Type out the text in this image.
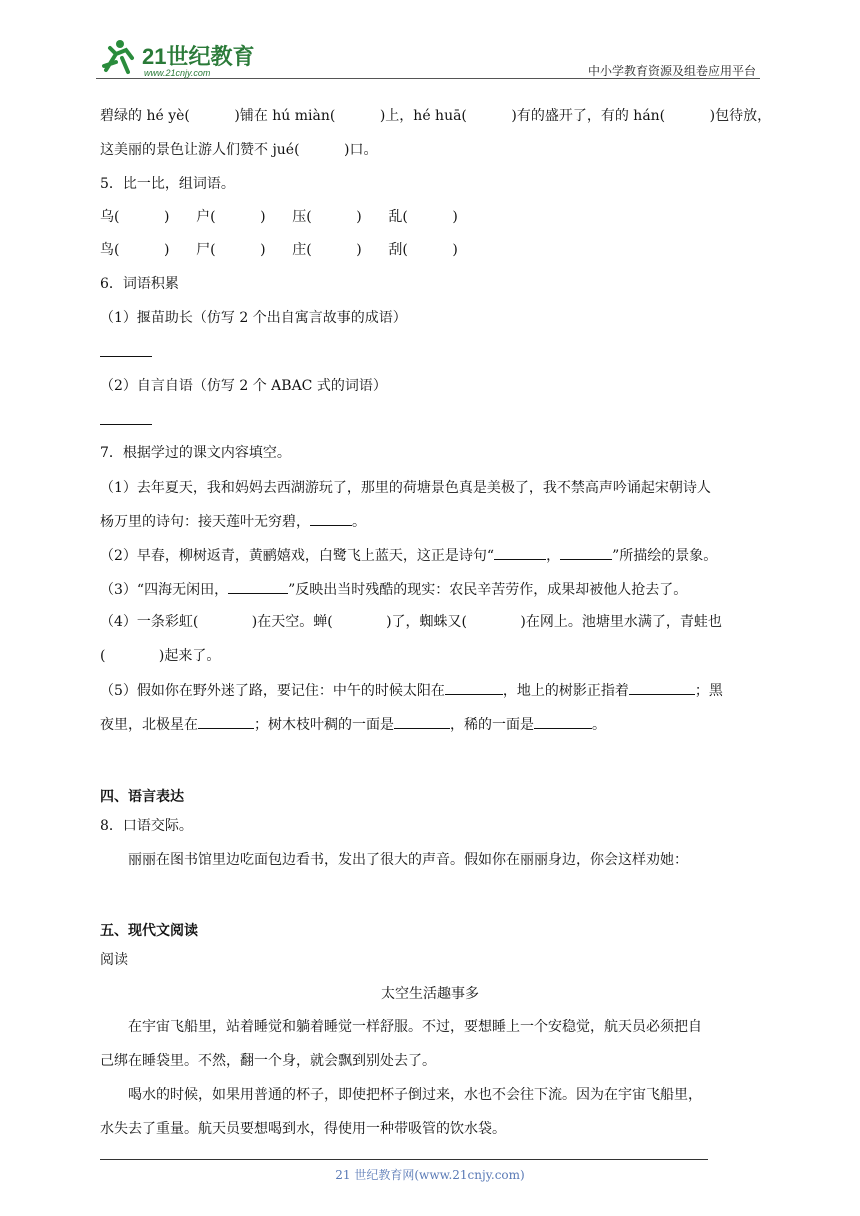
21世纪教育
www.21cnjy.com	中小学教育资源及组卷应用平台
碧绿的 hé yè(          )铺在 hú miàn(          )上，hé huā(          )有的盛开了，有的 hán(          )包待放，
这美丽的景色让游人们赞不 jué(          )口。
5．比一比，组词语。
乌(          )      户(          )      压(          )      乱(          )
鸟(          )      尸(          )      庄(          )      刮(          )
6．词语积累
（1）揠苗助长（仿写 2 个出自寓言故事的成语）
（2）自言自语（仿写 2 个 ABAC 式的词语）
7．根据学过的课文内容填空。
（1）去年夏天，我和妈妈去西湖游玩了，那里的荷塘景色真是美极了，我不禁高声吟诵起宋朝诗人
杨万里的诗句：接天莲叶无穷碧，	。
（2）早春，柳树返青，黄鹂嬉戏，白鹭飞上蓝天，这正是诗句“	，	”所描绘的景象。
（3）“四海无闲田，	”反映出当时残酷的现实：农民辛苦劳作，成果却被他人抢去了。
（4）一条彩虹(            )在天空。蝉(            )了，蜘蛛又(            )在网上。池塘里水满了，青蛙也
(            )起来了。
（5）假如你在野外迷了路，要记住：中午的时候太阳在	，地上的树影正指着	；黑
夜里，北极星在	；树木枝叶稠的一面是	，稀的一面是	。
四、语言表达
8．口语交际。
丽丽在图书馆里边吃面包边看书，发出了很大的声音。假如你在丽丽身边，你会这样劝她：
五、现代文阅读
阅读
太空生活趣事多
在宇宙飞船里，站着睡觉和躺着睡觉一样舒服。不过，要想睡上一个安稳觉，航天员必须把自
己绑在睡袋里。不然，翻一个身，就会飘到别处去了。
喝水的时候，如果用普通的杯子，即使把杯子倒过来，水也不会往下流。因为在宇宙飞船里，
水失去了重量。航天员要想喝到水，得使用一种带吸管的饮水袋。
21 世纪教育网(www.21cnjy.com)
